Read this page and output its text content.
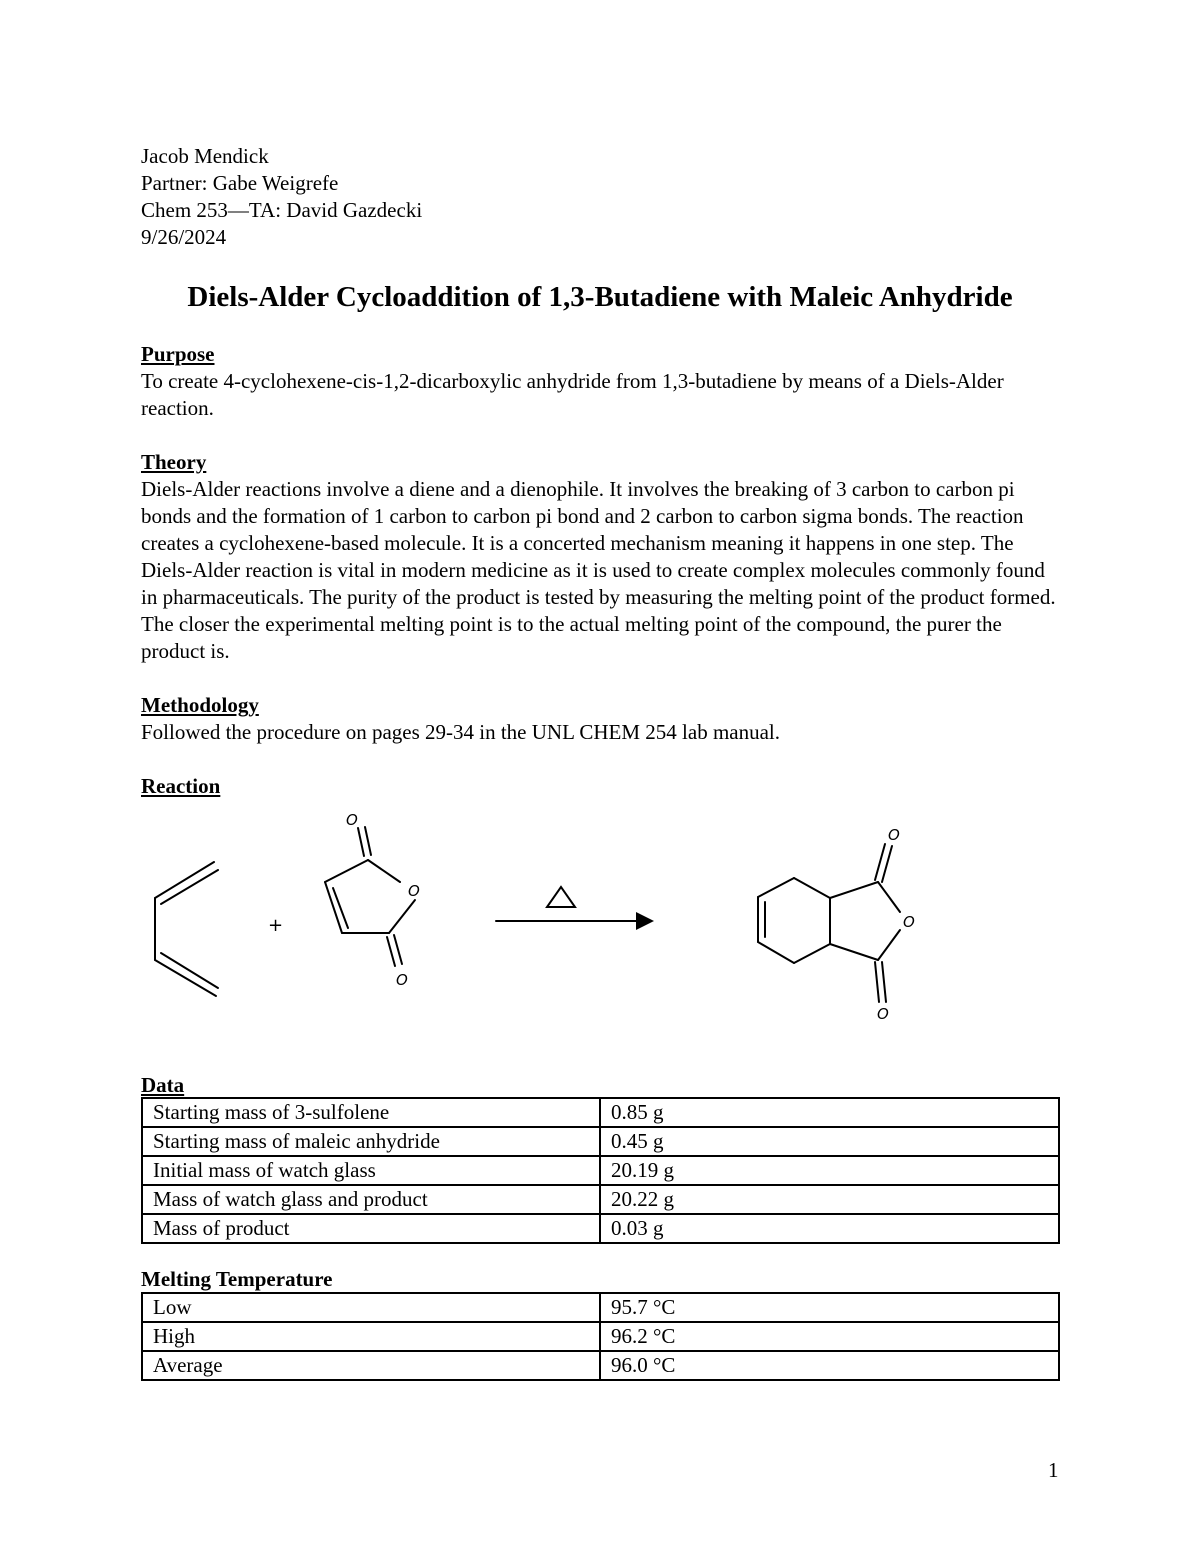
Jacob Mendick
Partner: Gabe Weigrefe
Chem 253—TA: David Gazdecki
9/26/2024
Diels-Alder Cycloaddition of 1,3-Butadiene with Maleic Anhydride
Purpose

To create 4-cyclohexene-cis-1,2-dicarboxylic anhydride from 1,3-butadiene by means of a Diels-Alder reaction.

Theory

Diels-Alder reactions involve a diene and a dienophile. It involves the breaking of 3 carbon to carbon pi bonds and the formation of 1 carbon to carbon pi bond and 2 carbon to carbon sigma bonds. The reaction creates a cyclohexene-based molecule. It is a concerted mechanism meaning it happens in one step. The Diels-Alder reaction is vital in modern medicine as it is used to create complex molecules commonly found in pharmaceuticals. The purity of the product is tested by measuring the melting point of the product formed. The closer the experimental melting point is to the actual melting point of the compound, the purer the product is.

Methodology

Followed the procedure on pages 29-34 in the UNL CHEM 254 lab manual.

Reaction
+
O
O
O
O
O
O
Data
Starting mass of 3-sulfolene	0.85 g
Starting mass of maleic anhydride	0.45 g
Initial mass of watch glass	20.19 g
Mass of watch glass and product	20.22 g
Mass of product	0.03 g
Melting Temperature
Low	95.7 °C
High	96.2 °C
Average	96.0 °C
1
